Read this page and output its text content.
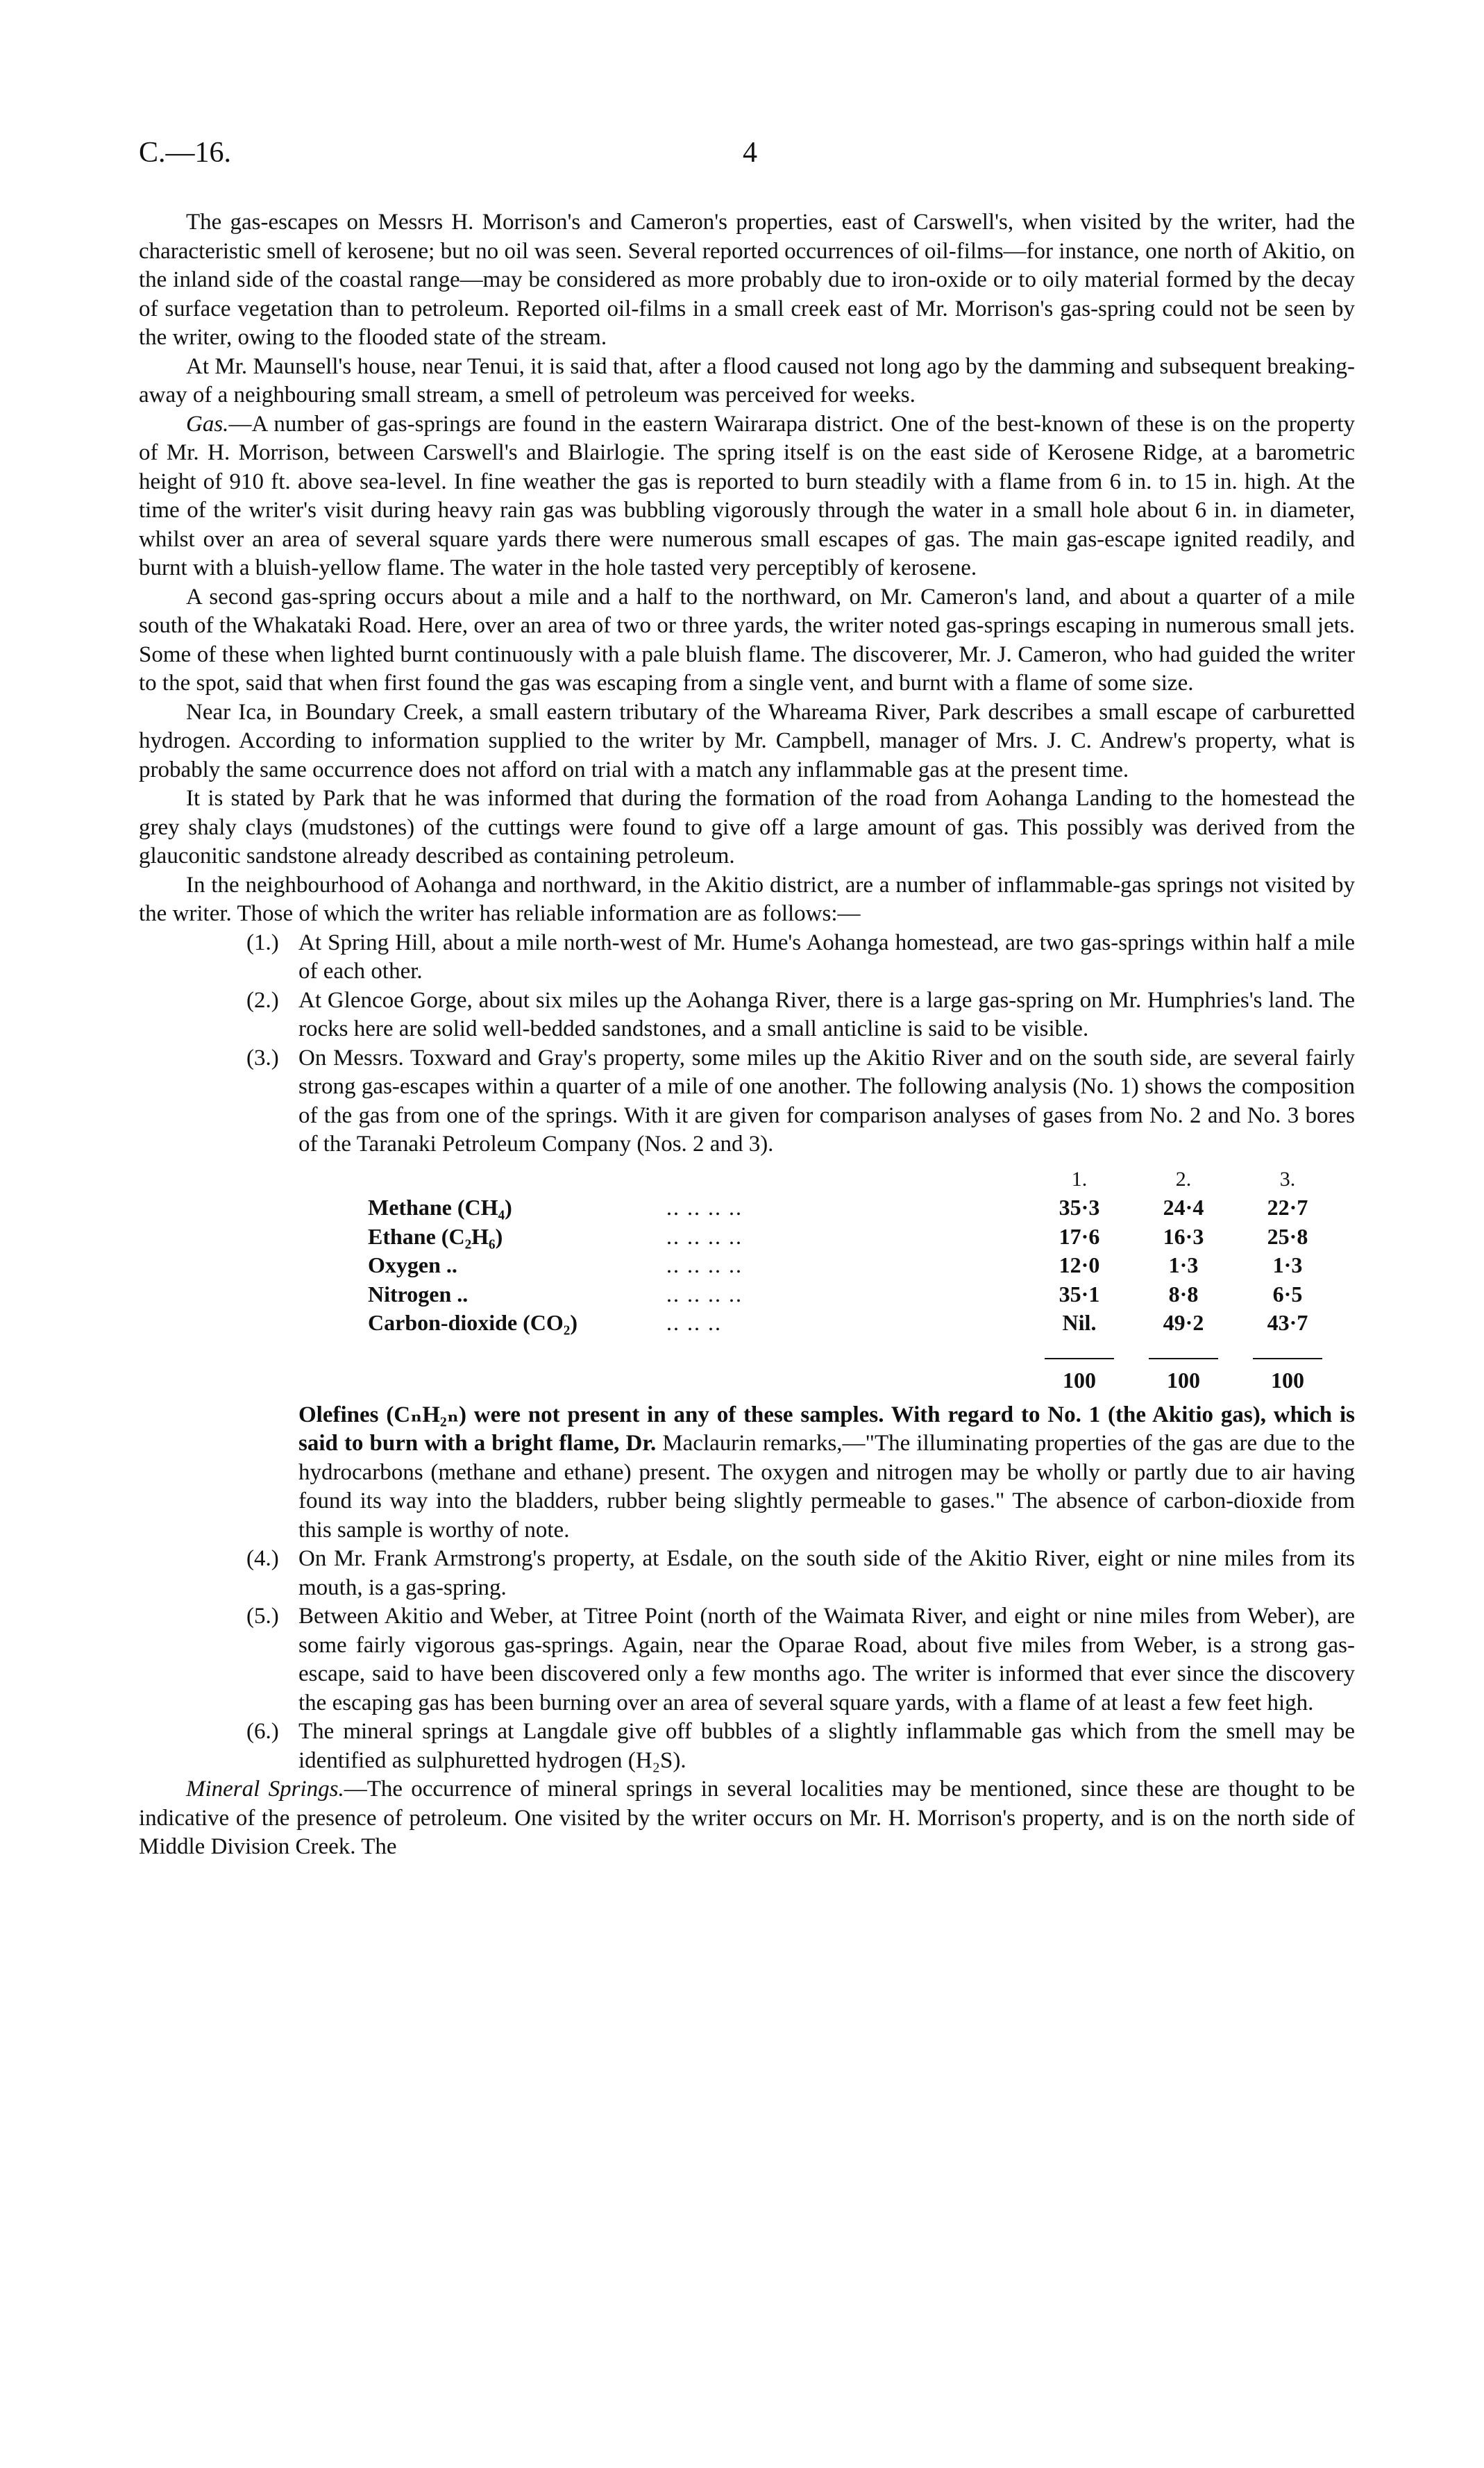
C.—16.	4

The gas-escapes on Messrs H. Morrison's and Cameron's properties, east of Carswell's, when visited by the writer, had the characteristic smell of kerosene; but no oil was seen. Several reported occurrences of oil-films—for instance, one north of Akitio, on the inland side of the coastal range—may be considered as more probably due to iron-oxide or to oily material formed by the decay of surface vegetation than to petroleum. Reported oil-films in a small creek east of Mr. Morrison's gas-spring could not be seen by the writer, owing to the flooded state of the stream.

At Mr. Maunsell's house, near Tenui, it is said that, after a flood caused not long ago by the damming and subsequent breaking-away of a neighbouring small stream, a smell of petroleum was perceived for weeks.

Gas.—A number of gas-springs are found in the eastern Wairarapa district. One of the best-known of these is on the property of Mr. H. Morrison, between Carswell's and Blairlogie. The spring itself is on the east side of Kerosene Ridge, at a barometric height of 910 ft. above sea-level. In fine weather the gas is reported to burn steadily with a flame from 6 in. to 15 in. high. At the time of the writer's visit during heavy rain gas was bubbling vigorously through the water in a small hole about 6 in. in diameter, whilst over an area of several square yards there were numerous small escapes of gas. The main gas-escape ignited readily, and burnt with a bluish-yellow flame. The water in the hole tasted very perceptibly of kerosene.

A second gas-spring occurs about a mile and a half to the northward, on Mr. Cameron's land, and about a quarter of a mile south of the Whakataki Road. Here, over an area of two or three yards, the writer noted gas-springs escaping in numerous small jets. Some of these when lighted burnt continuously with a pale bluish flame. The discoverer, Mr. J. Cameron, who had guided the writer to the spot, said that when first found the gas was escaping from a single vent, and burnt with a flame of some size.

Near Ica, in Boundary Creek, a small eastern tributary of the Whareama River, Park describes a small escape of carburetted hydrogen. According to information supplied to the writer by Mr. Campbell, manager of Mrs. J. C. Andrew's property, what is probably the same occurrence does not afford on trial with a match any inflammable gas at the present time.

It is stated by Park that he was informed that during the formation of the road from Aohanga Landing to the homestead the grey shaly clays (mudstones) of the cuttings were found to give off a large amount of gas. This possibly was derived from the glauconitic sandstone already described as containing petroleum.

In the neighbourhood of Aohanga and northward, in the Akitio district, are a number of inflammable-gas springs not visited by the writer. Those of which the writer has reliable information are as follows:—

(1.) At Spring Hill, about a mile north-west of Mr. Hume's Aohanga homestead, are two gas-springs within half a mile of each other.

(2.) At Glencoe Gorge, about six miles up the Aohanga River, there is a large gas-spring on Mr. Humphries's land. The rocks here are solid well-bedded sandstones, and a small anticline is said to be visible.

(3.) On Messrs. Toxward and Gray's property, some miles up the Akitio River and on the south side, are several fairly strong gas-escapes within a quarter of a mile of one another. The following analysis (No. 1) shows the composition of the gas from one of the springs. With it are given for comparison analyses of gases from No. 2 and No. 3 bores of the Taranaki Petroleum Company (Nos. 2 and 3).

		1.	2.	3.
Methane (CH₄)	.. .. .. ..	35·3	24·4	22·7
Ethane (C₂H₆)	.. .. .. ..	17·6	16·3	25·8
Oxygen ..	.. .. .. ..	12·0	1·3	1·3
Nitrogen ..	.. .. .. ..	35·1	8·8	6·5
Carbon-dioxide (CO₂)	.. .. ..	Nil.	49·2	43·7

		100	100	100

Olefines (CₙH₂ₙ) were not present in any of these samples. With regard to No. 1 (the Akitio gas), which is said to burn with a bright flame, Dr. Maclaurin remarks,—"The illuminating properties of the gas are due to the hydrocarbons (methane and ethane) present. The oxygen and nitrogen may be wholly or partly due to air having found its way into the bladders, rubber being slightly permeable to gases." The absence of carbon-dioxide from this sample is worthy of note.

(4.) On Mr. Frank Armstrong's property, at Esdale, on the south side of the Akitio River, eight or nine miles from its mouth, is a gas-spring.

(5.) Between Akitio and Weber, at Titree Point (north of the Waimata River, and eight or nine miles from Weber), are some fairly vigorous gas-springs. Again, near the Oparae Road, about five miles from Weber, is a strong gas-escape, said to have been discovered only a few months ago. The writer is informed that ever since the discovery the escaping gas has been burning over an area of several square yards, with a flame of at least a few feet high.

(6.) The mineral springs at Langdale give off bubbles of a slightly inflammable gas which from the smell may be identified as sulphuretted hydrogen (H₂S).

Mineral Springs.—The occurrence of mineral springs in several localities may be mentioned, since these are thought to be indicative of the presence of petroleum. One visited by the writer occurs on Mr. H. Morrison's property, and is on the north side of Middle Division Creek. The
